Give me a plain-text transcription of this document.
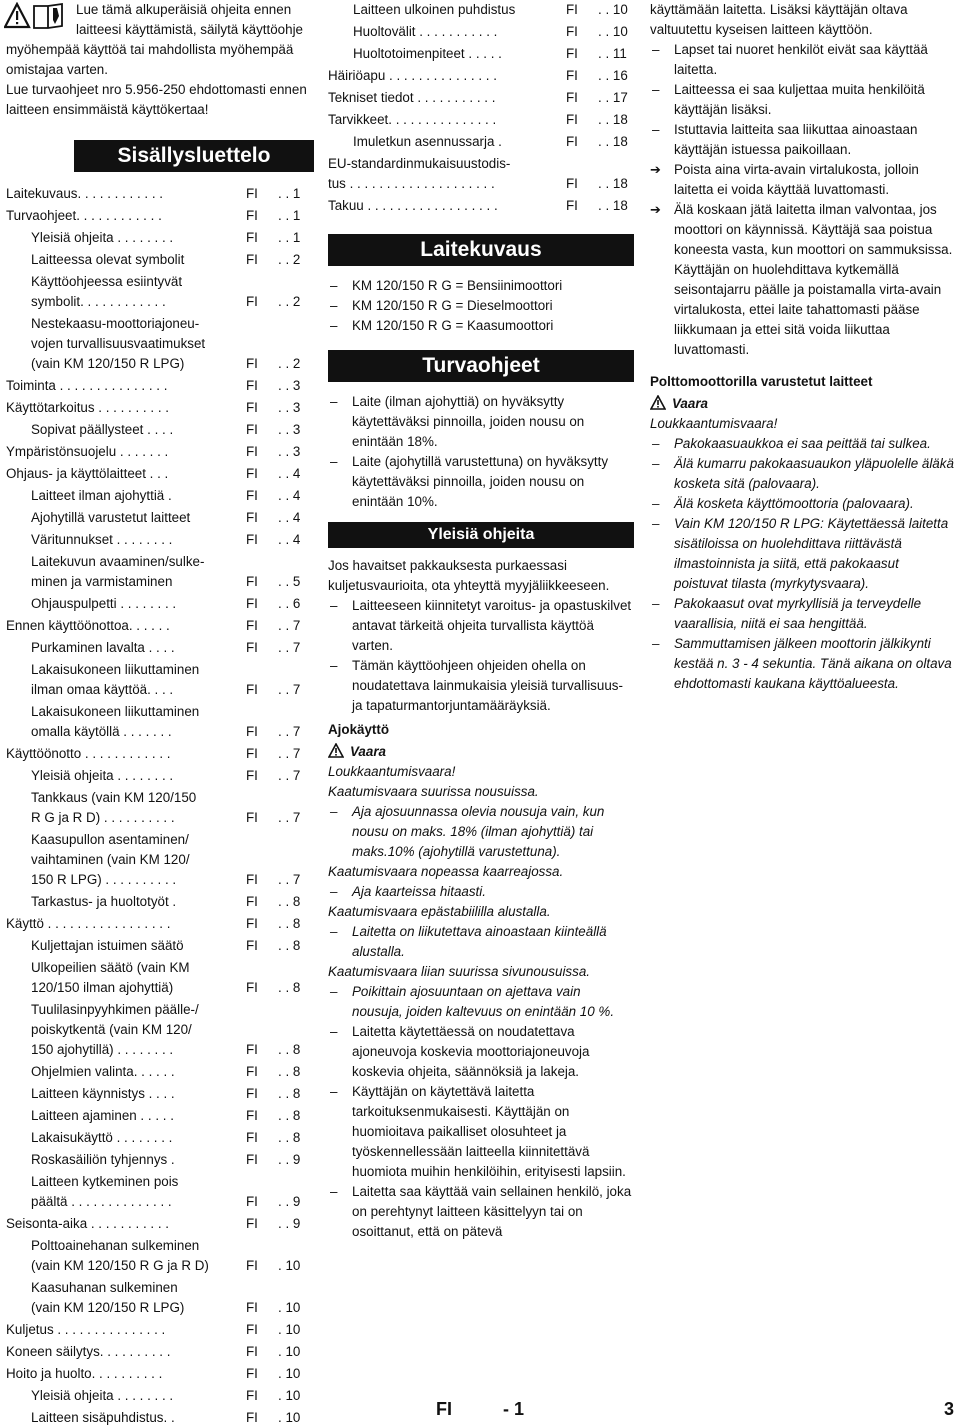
Lue tämä alkuperäisiä ohjeita ennen laitteesi käyttämistä, säilytä käyttöohje myöhempää käyttöä tai mahdollista myöhempää omistajaa varten.
Lue turvaohjeet nro 5.956-250 ehdottomasti ennen laitteen ensimmäistä käyttökertaa!
Sisällysluettelo
Laitekuvaus. . . . . . . . . . . .	FI	. . 1
Turvaohjeet. . . . . . . . . . . .	FI	. . 1
Yleisiä ohjeita . . . . . . . .	FI	. . 1
Laitteessa olevat symbolit	FI	. . 2
Käyttöohjeessa esiintyvät
symbolit. . . . . . . . . . . .	FI	. . 2
Nestekaasu-moottoriajoneu-
vojen turvallisuusvaatimukset
(vain KM 120/150 R LPG)	FI	. . 2
Toiminta . . . . . . . . . . . . . . .	FI	. . 3
Käyttötarkoitus . . . . . . . . . .	FI	. . 3
Sopivat päällysteet . . . .	FI	. . 3
Ympäristönsuojelu . . . . . . .	FI	. . 3
Ohjaus- ja käyttölaitteet . . .	FI	. . 4
Laitteet ilman ajohyttiä .	FI	. . 4
Ajohytillä varustetut laitteet	FI	. . 4
Väritunnukset . . . . . . . .	FI	. . 4
Laitekuvun avaaminen/sulke-
minen ja varmistaminen	FI	. . 5
Ohjauspulpetti . . . . . . . .	FI	. . 6
Ennen käyttöönottoa. . . . . .	FI	. . 7
Purkaminen lavalta . . . .	FI	. . 7
Lakaisukoneen liikuttaminen
ilman omaa käyttöä. . . .	FI	. . 7
Lakaisukoneen liikuttaminen
omalla käytöllä . . . . . . .	FI	. . 7
Käyttöönotto . . . . . . . . . . . .	FI	. . 7
Yleisiä ohjeita . . . . . . . .	FI	. . 7
Tankkaus (vain KM 120/150
R G ja R D) . . . . . . . . . .	FI	. . 7
Kaasupullon asentaminen/
vaihtaminen (vain KM 120/
150 R LPG) . . . . . . . . . .	FI	. . 7
Tarkastus- ja huoltotyöt .	FI	. . 8
Käyttö . . . . . . . . . . . . . . . . .	FI	. . 8
Kuljettajan istuimen säätö	FI	. . 8
Ulkopeilien säätö (vain KM
120/150 ilman ajohyttiä)	FI	. . 8
Tuulilasinpyyhkimen päälle-/
poiskytkentä (vain KM 120/
150 ajohytillä) . . . . . . . .	FI	. . 8
Ohjelmien valinta. . . . . .	FI	. . 8
Laitteen käynnistys . . . .	FI	. . 8
Laitteen ajaminen . . . . .	FI	. . 8
Lakaisukäyttö . . . . . . . .	FI	. . 8
Roskasäiliön tyhjennys .	FI	. . 9
Laitteen kytkeminen pois
päältä . . . . . . . . . . . . . .	FI	. . 9
Seisonta-aika . . . . . . . . . . .	FI	. . 9
Polttoainehanan sulkeminen
(vain KM 120/150 R G ja R D)	FI	. 10
Kaasuhanan sulkeminen
(vain KM 120/150 R LPG)	FI	. 10
Kuljetus . . . . . . . . . . . . . . .	FI	. 10
Koneen säilytys. . . . . . . . . .	FI	. 10
Hoito ja huolto. . . . . . . . . .	FI	. 10
Yleisiä ohjeita . . . . . . . .	FI	. 10
Laitteen sisäpuhdistus. .	FI	. 10
Laitteen ulkoinen puhdistus	FI	. . 10
Huoltovälit . . . . . . . . . . .	FI	. . 10
Huoltotoimenpiteet . . . . .	FI	. . 11
Häiriöapu . . . . . . . . . . . . . . .	FI	. . 16
Tekniset tiedot . . . . . . . . . . .	FI	. . 17
Tarvikkeet. . . . . . . . . . . . . . .	FI	. . 18
Imuletkun asennussarja .	FI	. . 18
EU-standardinmukaisuustodis-
tus . . . . . . . . . . . . . . . . . . . .	FI	. . 18
Takuu . . . . . . . . . . . . . . . . . .	FI	. . 18
Laitekuvaus
– KM 120/150 R G = Bensiinimoottori
– KM 120/150 R G = Dieselmoottori
– KM 120/150 R G = Kaasumoottori
Turvaohjeet
– Laite (ilman ajohyttiä) on hyväksytty käytettäväksi pinnoilla, joiden nousu on enintään 18%.
– Laite (ajohytillä varustettuna) on hyväksytty käytettäväksi pinnoilla, joiden nousu on enintään 10%.
Yleisiä ohjeita
Jos havaitset pakkauksesta purkaessasi kuljetusvaurioita, ota yhteyttä myyjäliikkeeseen.
– Laitteeseen kiinnitetyt varoitus- ja opastuskilvet antavat tärkeitä ohjeita turvallista käyttöä varten.
– Tämän käyttöohjeen ohjeiden ohella on noudatettava lainmukaisia yleisiä turvallisuus- ja tapaturmantorjuntamääräyksiä.
Ajokäyttö
Vaara
Loukkaantumisvaara!
Kaatumisvaara suurissa nousuissa.
– Aja ajosuunnassa olevia nousuja vain, kun nousu on maks. 18% (ilman ajohyttiä) tai maks.10% (ajohytillä varustettuna).
Kaatumisvaara nopeassa kaarreajossa.
– Aja kaarteissa hitaasti.
Kaatumisvaara epästabiililla alustalla.
– Laitetta on liikutettava ainoastaan kiinteällä alustalla.
Kaatumisvaara liian suurissa sivunousuissa.
– Poikittain ajosuuntaan on ajettava vain nousuja, joiden kaltevuus on enintään 10 %.
– Laitetta käytettäessä on noudatettava ajoneuvoja koskevia moottoriajoneuvoja koskevia ohjeita, säännöksiä ja lakeja.
– Käyttäjän on käytettävä laitetta tarkoituksenmukaisesti. Käyttäjän on huomioitava paikalliset olosuhteet ja työskennellessään laitteella kiinnitettävä huomiota muihin henkilöihin, erityisesti lapsiin.
– Laitetta saa käyttää vain sellainen henkilö, joka on perehtynyt laitteen käsittelyyn tai on osoittanut, että on pätevä
käyttämään laitetta. Lisäksi käyttäjän oltava valtuutettu kyseisen laitteen käyttöön.
– Lapset tai nuoret henkilöt eivät saa käyttää laitetta.
– Laitteessa ei saa kuljettaa muita henkilöitä käyttäjän lisäksi.
– Istuttavia laitteita saa liikuttaa ainoastaan käyttäjän istuessa paikoillaan.
➔ Poista aina virta-avain virtalukosta, jolloin laitetta ei voida käyttää luvattomasti.
➔ Älä koskaan jätä laitetta ilman valvontaa, jos moottori on käynnissä. Käyttäjä saa poistua koneesta vasta, kun moottori on sammuksissa. Käyttäjän on huolehdittava kytkemällä seisontajarru päälle ja poistamalla virta-avain virtalukosta, ettei laite tahattomasti pääse liikkumaan ja ettei sitä voida liikuttaa luvattomasti.
Polttomoottorilla varustetut laitteet
Vaara
Loukkaantumisvaara!
– Pakokaasuaukkoa ei saa peittää tai sulkea.
– Älä kumarru pakokaasuaukon yläpuolelle äläkä kosketa sitä (palovaara).
– Älä kosketa käyttömoottoria (palovaara).
– Vain KM 120/150 R LPG: Käytettäessä laitetta sisätiloissa on huolehdittava riittävästä ilmastoinnista ja siitä, että pakokaasut poistuvat tilasta (myrkytysvaara).
– Pakokaasut ovat myrkyllisiä ja terveydelle vaarallisia, niitä ei saa hengittää.
– Sammuttamisen jälkeen moottorin jälkikynti kestää n. 3 - 4 sekuntia. Tänä aikana on oltava ehdottomasti kaukana käyttöalueesta.
FI	- 1	3
